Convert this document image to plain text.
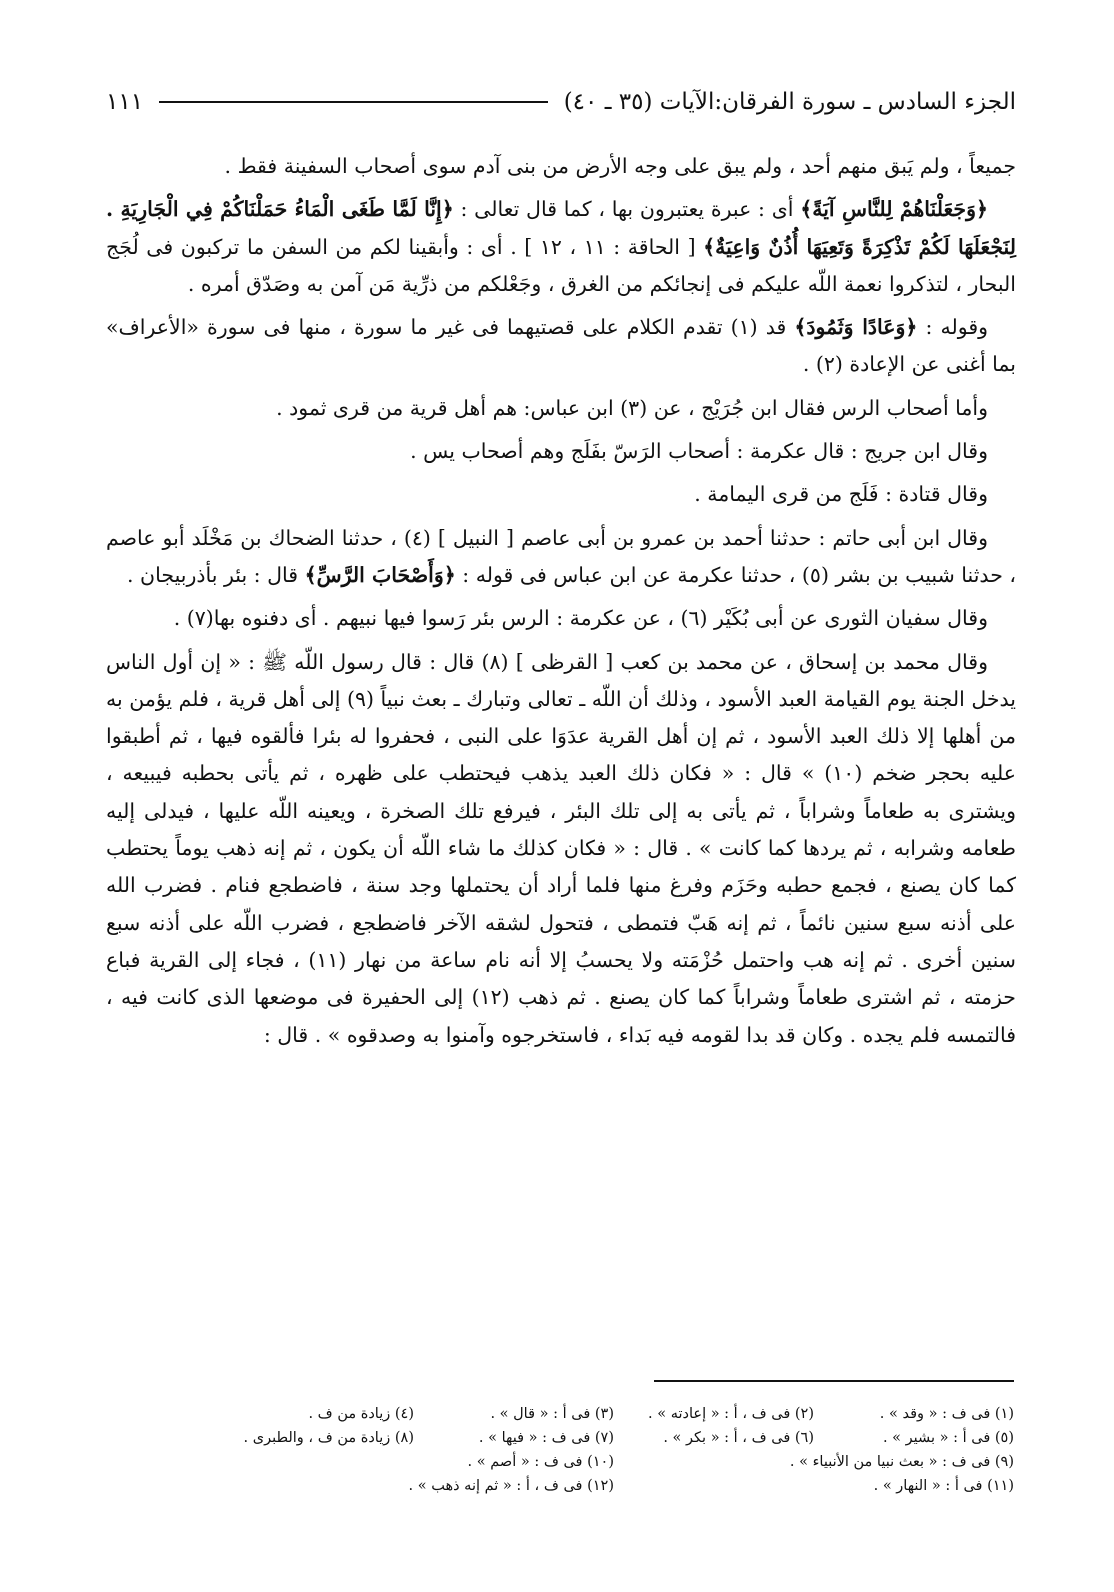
الجزء السادس ـ سورة الفرقان:الآيات (٣٥ ـ ٤٠)
١١١

جميعاً ، ولم يَبق منهم أحد ، ولم يبق على وجه الأرض من بنى آدم سوى أصحاب السفينة فقط .

﴿وَجَعَلْنَاهُمْ لِلنَّاسِ آيَةً﴾ أى : عبرة يعتبرون بها ، كما قال تعالى : ﴿إِنَّا لَمَّا طَغَى الْمَاءُ حَمَلْنَاكُمْ فِي الْجَارِيَةِ . لِنَجْعَلَهَا لَكُمْ تَذْكِرَةً وَتَعِيَهَا أُذُنٌ وَاعِيَةٌ﴾ [ الحاقة : ١١ ، ١٢ ] . أى : وأبقينا لكم من السفن ما تركبون فى لُجَج البحار ، لتذكروا نعمة اللّه عليكم فى إنجائكم من الغرق ، وجَعْلكم من ذرِّية مَن آمن به وصَدّق أمره .

وقوله : ﴿وَعَادًا وَثَمُودَ﴾ قد (١) تقدم الكلام على قصتيهما فى غير ما سورة ، منها فى سورة «الأعراف» بما أغنى عن الإعادة (٢) .

وأما أصحاب الرس فقال ابن جُرَيْج ، عن (٣) ابن عباس: هم أهل قرية من قرى ثمود .

وقال ابن جريج : قال عكرمة : أصحاب الرَسّ بفَلَج وهم أصحاب يس .

وقال قتادة : فَلَج من قرى اليمامة .

وقال ابن أبى حاتم : حدثنا أحمد بن عمرو بن أبى عاصم [ النبيل ] (٤) ، حدثنا الضحاك بن مَخْلَد أبو عاصم ، حدثنا شبيب بن بشر (٥) ، حدثنا عكرمة عن ابن عباس فى قوله : ﴿وَأَصْحَابَ الرَّسِّ﴾ قال : بئر بأذربيجان .

وقال سفيان الثورى عن أبى بُكَيْر (٦) ، عن عكرمة : الرس بئر رَسوا فيها نبيهم . أى دفنوه بها(٧) .

وقال محمد بن إسحاق ، عن محمد بن كعب [ القرظى ] (٨) قال : قال رسول اللّه ﷺ : « إن أول الناس يدخل الجنة يوم القيامة العبد الأسود ، وذلك أن اللّه ـ تعالى وتبارك ـ بعث نبياً (٩) إلى أهل قرية ، فلم يؤمن به من أهلها إلا ذلك العبد الأسود ، ثم إن أهل القرية عدَوَا على النبى ، فحفروا له بئرا فألقوه فيها ، ثم أطبقوا عليه بحجر ضخم (١٠) » قال : « فكان ذلك العبد يذهب فيحتطب على ظهره ، ثم يأتى بحطبه فيبيعه ، ويشترى به طعاماً وشراباً ، ثم يأتى به إلى تلك البئر ، فيرفع تلك الصخرة ، ويعينه اللّه عليها ، فيدلى إليه طعامه وشرابه ، ثم يردها كما كانت » . قال : « فكان كذلك ما شاء اللّه أن يكون ، ثم إنه ذهب يوماً يحتطب كما كان يصنع ، فجمع حطبه وحَزَم وفرغ منها فلما أراد أن يحتملها وجد سنة ، فاضطجع فنام . فضرب الله على أذنه سبع سنين نائماً ، ثم إنه هَبّ فتمطى ، فتحول لشقه الآخر فاضطجع ، فضرب اللّه على أذنه سبع سنين أخرى . ثم إنه هب واحتمل حُزْمَته ولا يحسبُ إلا أنه نام ساعة من نهار (١١) ، فجاء إلى القرية فباع حزمته ، ثم اشترى طعاماً وشراباً كما كان يصنع . ثم ذهب (١٢) إلى الحفيرة فى موضعها الذى كانت فيه ، فالتمسه فلم يجده . وكان قد بدا لقومه فيه بَداء ، فاستخرجوه وآمنوا به وصدقوه » . قال :

(١) فى ف : « وقد » .
(٢) فى ف ، أ : « إعادته » .
(٣) فى أ : « قال » .
(٤) زيادة من ف .
(٥) فى أ : « بشير » .
(٦) فى ف ، أ : « بكر » .
(٧) فى ف : « فيها » .
(٨) زيادة من ف ، والطبرى .
(٩) فى ف : « بعث نبيا من الأنبياء » .
(١٠) فى ف : « أصم » .
(١١) فى أ : « النهار » .
(١٢) فى ف ، أ : « ثم إنه ذهب » .
